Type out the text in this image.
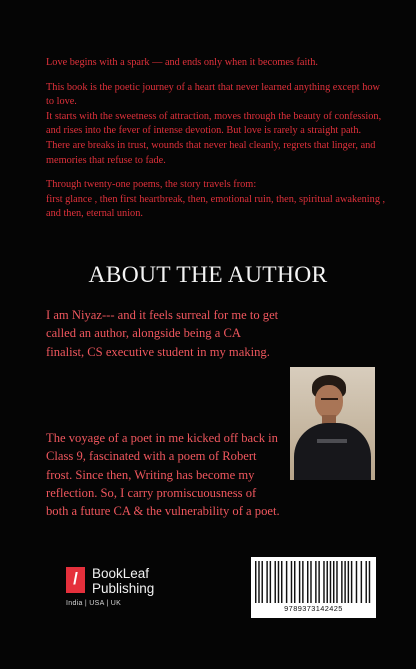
Love begins with a spark — and ends only when it becomes faith.

This book is the poetic journey of a heart that never learned anything except how to love.

It starts with the sweetness of attraction, moves through the beauty of confession, and rises into the fever of intense devotion. But love is rarely a straight path. There are breaks in trust, wounds that never heal cleanly, regrets that linger, and memories that refuse to fade.

Through twenty-one poems, the story travels from:

first glance , then first heartbreak, then, emotional ruin, then, spiritual awakening , and then, eternal union.

ABOUT THE AUTHOR
I am Niyaz--- and it feels surreal for me to get called an author, alongside being a CA finalist, CS executive student in my making.
The voyage of a poet in me kicked off back in Class 9, fascinated with a poem of Robert frost. Since then, Writing has become my reflection. So, I carry promiscuousness of both a future CA & the vulnerability of a poet.
/ BookLeaf
Publishing
India | USA | UK
9789373142425
